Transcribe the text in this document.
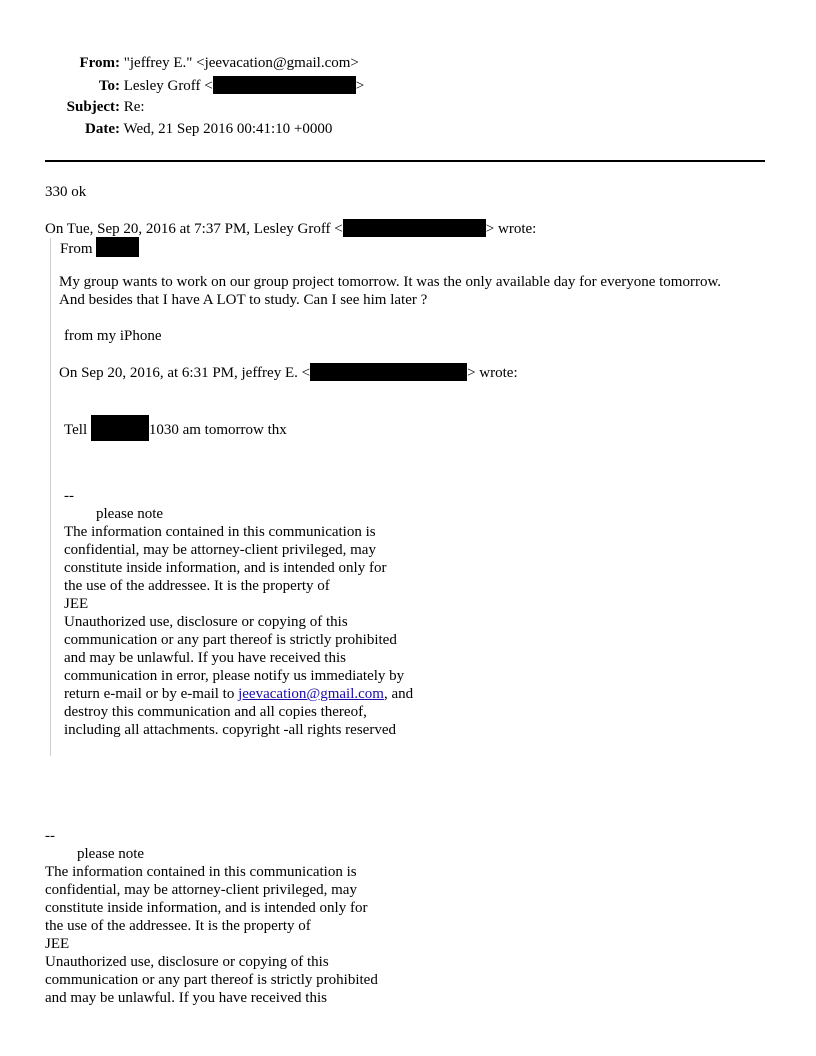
From: "jeffrey E." <jeevacation@gmail.com>
To: Lesley Groff <	>
Subject: Re:
Date: Wed, 21 Sep 2016 00:41:10 +0000
330 ok
On Tue, Sep 20, 2016 at 7:37 PM, Lesley Groff <	> wrote:
From
My group wants to work on our group project tomorrow. It was the only available day for everyone tomorrow.
And besides that I have A LOT to study. Can I see him later ?
from my iPhone
On Sep 20, 2016, at 6:31 PM, jeffrey E. <	> wrote:
Tell	1030 am tomorrow thx
--
please note
The information contained in this communication is
confidential, may be attorney-client privileged, may
constitute inside information, and is intended only for
the use of the addressee. It is the property of
JEE
Unauthorized use, disclosure or copying of this
communication or any part thereof is strictly prohibited
and may be unlawful. If you have received this
communication in error, please notify us immediately by
return e-mail or by e-mail to jeevacation@gmail.com, and
destroy this communication and all copies thereof,
including all attachments. copyright -all rights reserved
--
please note
The information contained in this communication is
confidential, may be attorney-client privileged, may
constitute inside information, and is intended only for
the use of the addressee. It is the property of
JEE
Unauthorized use, disclosure or copying of this
communication or any part thereof is strictly prohibited
and may be unlawful. If you have received this
